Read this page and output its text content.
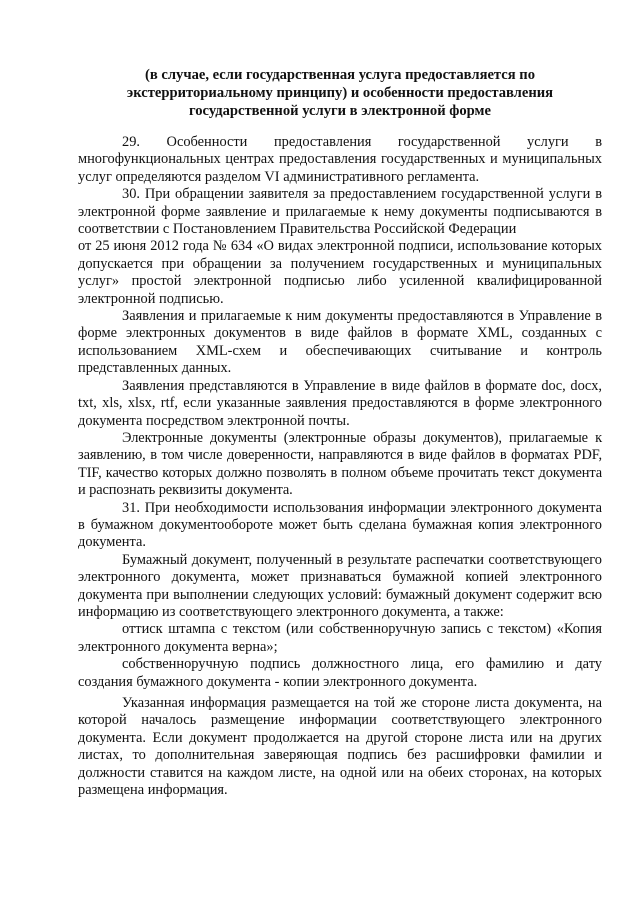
(в случае, если государственная услуга предоставляется по
экстерриториальному принципу) и особенности предоставления
государственной услуги в электронной форме

29. Особенности предоставления государственной услуги в многофункциональных центрах предоставления государственных и муниципальных услуг определяются разделом VI административного регламента.

30. При обращении заявителя за предоставлением государственной услуги в электронной форме заявление и прилагаемые к нему документы подписываются в соответствии с Постановлением Правительства Российской Федерации

от 25 июня 2012 года № 634 «О видах электронной подписи, использование которых допускается при обращении за получением государственных и муниципальных услуг» простой электронной подписью либо усиленной квалифицированной электронной подписью.

Заявления и прилагаемые к ним документы предоставляются в Управление в форме электронных документов в виде файлов в формате XML, созданных с использованием XML-схем и обеспечивающих считывание и контроль представленных данных.

Заявления представляются в Управление в виде файлов в формате doc, docx, txt, xls, xlsx, rtf, если указанные заявления предоставляются в форме электронного документа посредством электронной почты.

Электронные документы (электронные образы документов), прилагаемые к заявлению, в том числе доверенности, направляются в виде файлов в форматах PDF, TIF, качество которых должно позволять в полном объеме прочитать текст документа и распознать реквизиты документа.

31. При необходимости использования информации электронного документа в бумажном документообороте может быть сделана бумажная копия электронного документа.

Бумажный документ, полученный в результате распечатки соответствующего электронного документа, может признаваться бумажной копией электронного документа при выполнении следующих условий: бумажный документ содержит всю информацию из соответствующего электронного документа, а также:

оттиск штампа с текстом (или собственноручную запись с текстом) «Копия электронного документа верна»;

собственноручную подпись должностного лица, его фамилию и дату создания бумажного документа - копии электронного документа.

Указанная информация размещается на той же стороне листа документа, на которой началось размещение информации соответствующего электронного документа. Если документ продолжается на другой стороне листа или на других листах, то дополнительная заверяющая подпись без расшифровки фамилии и должности ставится на каждом листе, на одной или на обеих сторонах, на которых размещена информация.
